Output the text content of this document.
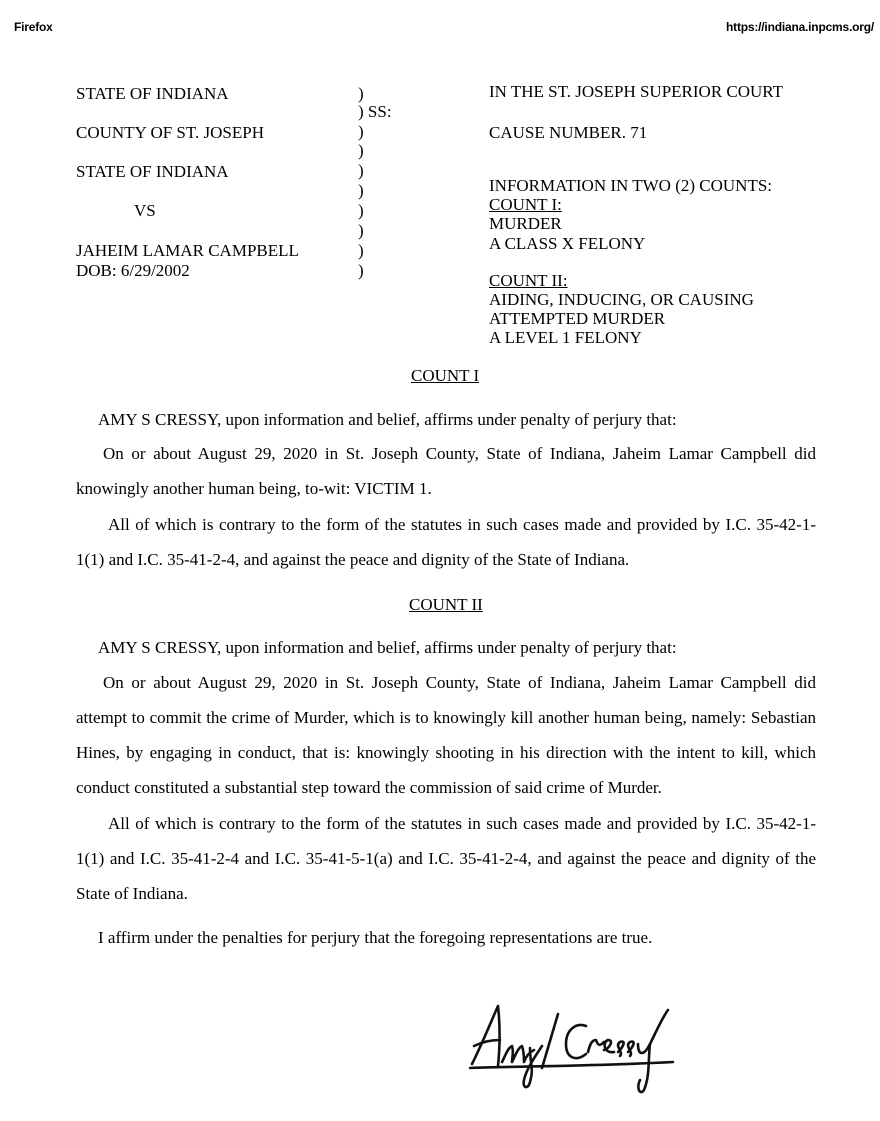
Firefox	https://indiana.inpcms.org/
STATE OF INDIANA
COUNTY OF ST. JOSEPH
STATE OF INDIANA
VS
JAHEIM LAMAR CAMPBELL
DOB: 6/29/2002
)
) SS:
)
)
)
)
)
)
)
)
IN THE ST. JOSEPH SUPERIOR COURT
CAUSE NUMBER. 71
INFORMATION IN TWO (2) COUNTS:
COUNT I:
MURDER
A CLASS X FELONY
COUNT II:
AIDING, INDUCING, OR CAUSING
ATTEMPTED MURDER
A LEVEL 1 FELONY
COUNT I
AMY S CRESSY, upon information and belief, affirms under penalty of perjury that:
On or about August 29, 2020 in St. Joseph County, State of Indiana, Jaheim Lamar Campbell did knowingly another human being, to-wit: VICTIM 1.
All of which is contrary to the form of the statutes in such cases made and provided by I.C. 35-42-1-1(1) and I.C. 35-41-2-4, and against the peace and dignity of the State of Indiana.
COUNT II
AMY S CRESSY, upon information and belief, affirms under penalty of perjury that:
On or about August 29, 2020 in St. Joseph County, State of Indiana, Jaheim Lamar Campbell did attempt to commit the crime of Murder, which is to knowingly kill another human being, namely: Sebastian Hines, by engaging in conduct, that is: knowingly shooting in his direction with the intent to kill, which conduct constituted a substantial step toward the commission of said crime of Murder.
All of which is contrary to the form of the statutes in such cases made and provided by I.C. 35-42-1-1(1) and I.C. 35-41-2-4 and I.C. 35-41-5-1(a) and I.C. 35-41-2-4, and against the peace and dignity of the State of Indiana.
I affirm under the penalties for perjury that the foregoing representations are true.
